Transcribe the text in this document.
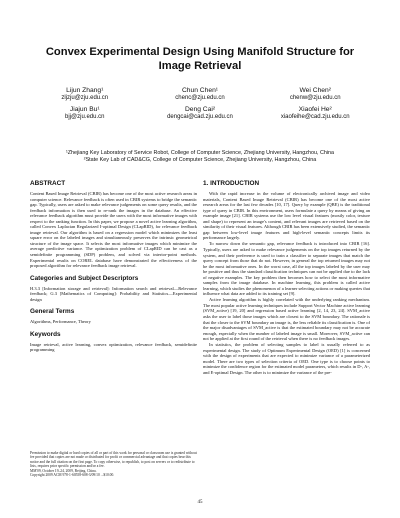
Convex Experimental Design Using Manifold Structure for Image Retrieval
Lijun Zhang¹
zljzju@zju.edu.cn
Chun Chen¹
chenc@zju.edu.cn
Wei Chen²
chenw@zju.edu.cn
Jiajun Bu¹
bjj@zju.edu.cn
Deng Cai²
dengcai@cad.zju.edu.cn
Xiaofei He²
xiaofeihe@cad.zju.edu.cn
¹Zhejiang Key Laboratory of Service Robot, College of Computer Science, Zhejiang University, Hangzhou, China
²State Key Lab of CAD&CG, College of Computer Science, Zhejiang University, Hangzhou, China
ABSTRACT

Content Based Image Retrieval (CBIR) has become one of the most active research areas in computer science. Relevance feedback is often used in CBIR systems to bridge the semantic gap. Typically, users are asked to make relevance judgements on some query results, and the feedback information is then used to re-rank the images in the database. An effective relevance feedback algorithm must provide the users with the most informative images with respect to the ranking function. In this paper, we propose a novel active learning algorithm, called Convex Laplacian Regularized I-optimal Design (CLapRID), for relevance feedback image retrieval. Our algorithm is based on a regression model which minimizes the least square error on the labeled images and simultaneously preserves the intrinsic geometrical structure of the image space. It selects the most informative images which minimize the average predictive variance. The optimization problem of CLapRID can be cast as a semidefinite programming (SDP) problem, and solved via interior-point methods. Experimental results on COREL database have demonstrated the effectiveness of the proposed algorithm for relevance feedback image retrieval.

Categories and Subject Descriptors

H.3.3 [Information storage and retrieval]: Information search and retrieval—Relevance feedback; G.3 [Mathematics of Computing]: Probability and Statistics—Experimental design

General Terms

Algorithms, Performance, Theory

Keywords

Image retrieval, active learning, convex optimization, relevance feedback, semidefinite programming

Permission to make digital or hard copies of all or part of this work for personal or classroom use is granted without fee provided that copies are not made or distributed for profit or commercial advantage and that copies bear this notice and the full citation on the first page. To copy otherwise, to republish, to post on servers or to redistribute to lists, requires prior specific permission and/or a fee.
MM'09, October 19–24, 2009, Beijing, China.
Copyright 2009 ACM 978-1-60558-608-3/09/10 ...$10.00.
1. INTRODUCTION

With the rapid increase in the volume of electronically archived image and video materials, Content Based Image Retrieval (CBIR) has become one of the most active research areas for the last few decades [10, 17]. Query by example (QBE) is the traditional type of query in CBIR. In this environment, users formulate a query by means of giving an example image [21]. CBIR systems use the low level visual features (mostly color, texture and shape) to represent an image's content, and relevant images are retrieved based on the similarity of their visual features. Although CBIR has been extensively studied, the semantic gap between low-level image features and high-level semantic concepts limits its performance largely.

To narrow down the semantic gap, relevance feedback is introduced into CBIR [16]. Typically, users are asked to make relevance judgements on the top images returned by the system, and their preference is used to train a classifier to separate images that match the query concept from those that do not. However, in general the top returned images may not be the most informative ones. In the worst case, all the top images labeled by the user may be positive and thus the standard classification techniques can not be applied due to the lack of negative examples. The key problem then becomes how to select the most informative samples from the image database. In machine learning, this problem is called active learning, which studies the phenomenon of a learner selecting actions or making queries that influence what data are added to its training set [9].

Active learning algorithm is highly correlated with the underlying ranking mechanism. The most popular active learning techniques include Support Vector Machine active learning (SVM_active) [19, 20] and regression based active learning [2, 14, 23, 24]. SVM_active asks the user to label those images which are closest to the SVM boundary. The rationale is that the closer to the SVM boundary an image is, the less reliable its classification is. One of the major disadvantages of SVM_active is that the estimated boundary may not be accurate enough, especially when the number of labeled image is small. Moreover, SVM_active can not be applied at the first round of the retrieval when there is no feedback images.

In statistics, the problem of selecting samples to label is usually referred to as experimental design. The study of Optimum Experimental Design (OED) [1] is concerned with the design of experiments that are expected to minimize variance of a parameterized model. There are two types of selection criteria of OED. One type is to choose points to minimize the confidence region for the estimated model parameters, which results in D-, A-, and E-optimal Design. The other is to minimize the variance of the pre-

45
